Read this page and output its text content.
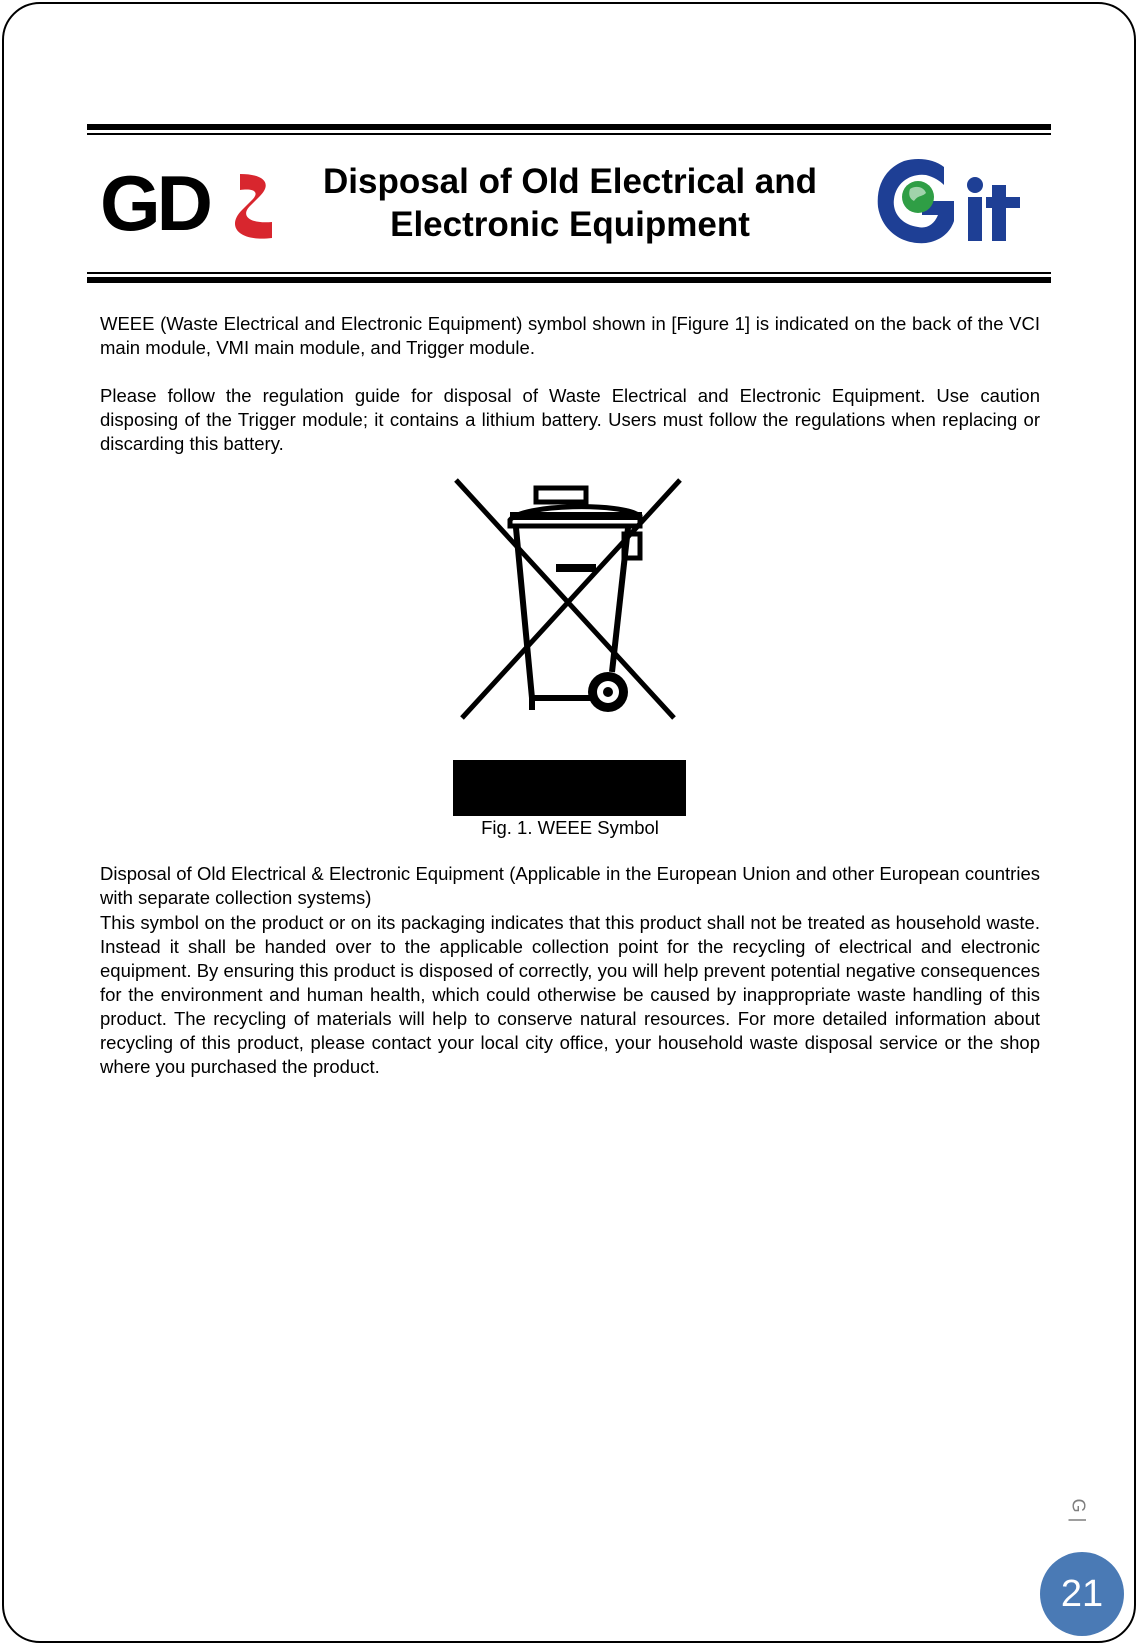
GD	Disposal of Old Electrical and
Electronic Equipment

WEEE (Waste Electrical and Electronic Equipment) symbol shown in [Figure 1] is indicated on the back of the VCI main module, VMI main module, and Trigger module.

Please follow the regulation guide for disposal of Waste Electrical and Electronic Equipment. Use caution disposing of the Trigger module; it contains a lithium battery. Users must follow the regulations when replacing or discarding this battery.

Fig. 1. WEEE Symbol

Disposal of Old Electrical & Electronic Equipment (Applicable in the European Union and other European countries with separate collection systems)

This symbol on the product or on its packaging indicates that this product shall not be treated as household waste. Instead it shall be handed over to the applicable collection point for the recycling of electrical and electronic equipment. By ensuring this product is disposed of correctly, you will help prevent potential negative consequences for the environment and human health, which could otherwise be caused by inappropriate waste handling of this product. The recycling of materials will help to conserve natural resources. For more detailed information about recycling of this product, please contact your local city office, your household waste disposal service or the shop where you purchased the product.

G |
21
